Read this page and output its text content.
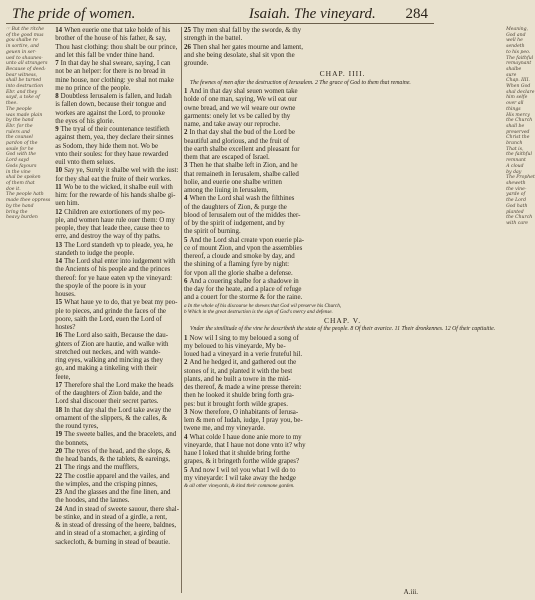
The pride of women.	Isaiah. The vineyard. 284
☞ But the ritche
of the good mus
gou shalbe re
in sortire, and
geuen in ser-
ued to shaunes-
unto all strangers
Because of deed:
bear witness,
shall be turned
into destruction
Ebr. and they
sayd, a toke of
thee.
The people
was made plain
by the hand
Ebr. for the
rulers and
the counsel
pardon of the
soule for he
God with the
Lord sayd
Gods fayours
in the vine
shal be spoken
of them that
doe it.
The people hath
made thee oppress
by the hand
bring the
heavy burden

14 When euerie one that take holde of his

brother of the house of his father, & say,

Thou hast clothing: thou shalt be our prince,

and let this fall be vnder thine hand.

7 In that day he shal sweare, saying, I can

not be an helper: for there is no bread in

mine house, nor clothing: ye shal not make

me no prince of the people.

8 Doubtless Ierusalem is fallen, and Iudah

is fallen down, because their tongue and

workes are against the Lord, to prouoke

the eyes of his glorie.

9 The tryal of their countenance testifieth

against them, yea, they declare their sinnes

as Sodom, they hide them not. Wo be

vnto their soules: for they haue rewarded

euil vnto them selues.

10 Say ye, Surely it shalbe wel with the iust:

for they shal eat the fruite of their workes.

11 Wo be to the wicked, it shalbe euil with

him: for the rewarde of his hands shalbe gi-

uen him.

12 Children are extortioners of my peo-

ple, and women haue rule ouer them: O my

people, they that leade thee, cause thee to

erre, and destroy the way of thy paths.

13 The Lord standeth vp to pleade, yea, he

standeth to iudge the people.

14 The Lord shal enter into iudgement with

the Ancients of his people and the princes

thereof: for ye haue eaten vp the vineyard:

the spoyle of the poore is in your

houses.

15 What haue ye to do, that ye beat my peo-

ple to pieces, and grinde the faces of the

poore, saith the Lord, euen the Lord of

hostes?

16 The Lord also saith, Because the dau-

ghters of Zion are hautie, and walke with

stretched out neckes, and with wande-

ring eyes, walking and mincing as they

go, and making a tinkeling with their

feete,

17 Therefore shal the Lord make the heads

of the daughters of Zion balde, and the

Lord shal discouer their secret partes.

18 In that day shal the Lord take away the

ornament of the slippers, & the calles, &

the round tyres,

19 The sweete balles, and the bracelets, and

the bonnets,

20 The tyres of the head, and the slops, &

the head bands, & the tablets, & eareings,

21 The rings and the mufflers,

22 The costlie apparel and the vailes, and

the wimples, and the crisping pinnes,

23 And the glasses and the fine linen, and

the hoodes, and the launes.

24 And in stead of sweete sauour, there shal-

be stinke, and in stead of a girdle, a rent,

& in stead of dressing of the heere, baldnes,

and in stead of a stomacher, a girding of

sackecloth, & burning in stead of beautie.

25 Thy men shal fall by the sworde, & thy

strength in the battel.

26 Then shal her gates mourne and lament,

and she being desolate, shal sit vpon the

grounde.

CHAP. IIII.
The fewnes of men after the destruction of Ierusalem. 2 The grace of God to them that remaine.

1 And in that day shal seuen women take

holde of one man, saying, We wil eat our

owne bread, and we wil weare our owne

garments: onely let vs be called by thy

name, and take away our reproche.

2 In that day shal the bud of the Lord be

beautiful and glorious, and the fruit of

the earth shalbe excellent and pleasant for

them that are escaped of Israel.

3 Then he that shalbe left in Zion, and he

that remaineth in Ierusalem, shalbe called

holie, and euerie one shalbe written

among the liuing in Ierusalem,

4 When the Lord shal wash the filthines

of the daughters of Zion, & purge the

blood of Ierusalem out of the middes ther-

of by the spirit of iudgement, and by

the spirit of burning.

5 And the Lord shal create vpon euerie pla-

ce of mount Zion, and vpon the assemblies

thereof, a cloude and smoke by day, and

the shining of a flaming fyre by night:

for vpon all the glorie shalbe a defense.

6 And a couering shalbe for a shadowe in

the day for the heate, and a place of refuge

and a couert for the storme & for the raine.

a In the whole of his discourse he shewes that God wil preserve his Church,
b Which in the great destruction is the sign of God's mercy and defense.
CHAP. V.
Vnder the similitude of the vine he describeth the state of the people. 8 Of their avarice. 11 Their dronkennes. 12 Of their captiuitie.

1 Now wil I sing to my beloued a song of

my beloued to his vineyarde, My be-

loued had a vineyard in a verie fruteful hil.

2 And he hedged it, and gathered out the

stones of it, and planted it with the best

plants, and he built a towre in the mid-

des thereof, & made a wine presse therein:

then he looked it shulde bring forth gra-

pes: but it brought forth wilde grapes.

3 Now therefore, O inhabitants of Ierusa-

lem & men of Iudah, iudge, I pray you, be-

twene me, and my vineyarde.

4 What colde I haue done anie more to my

vineyarde, that I haue not done vnto it? why

haue I loked that it shulde bring forthe

grapes, & it bringeth forthe wilde grapes?

5 And now I wil tel you what I wil do to

my vineyarde: I wil take away the hedge

& all other vineyards, & kind their commone garden.
Meaning,
God and
well he
sendeth
to his peo.
The faithful
remaynant
shalbe
sure
Chap. IIII.
When God
shal declare
him selfe
over all
things
His mercy
the Church
shall be
preserved
Christ the
branch
That is,
the faithful
remnant
A cloud
by day
The Prophet
sheweth
the vine-
yarde of
the Lord
God hath
planted
the Church
with care
A.iii.
